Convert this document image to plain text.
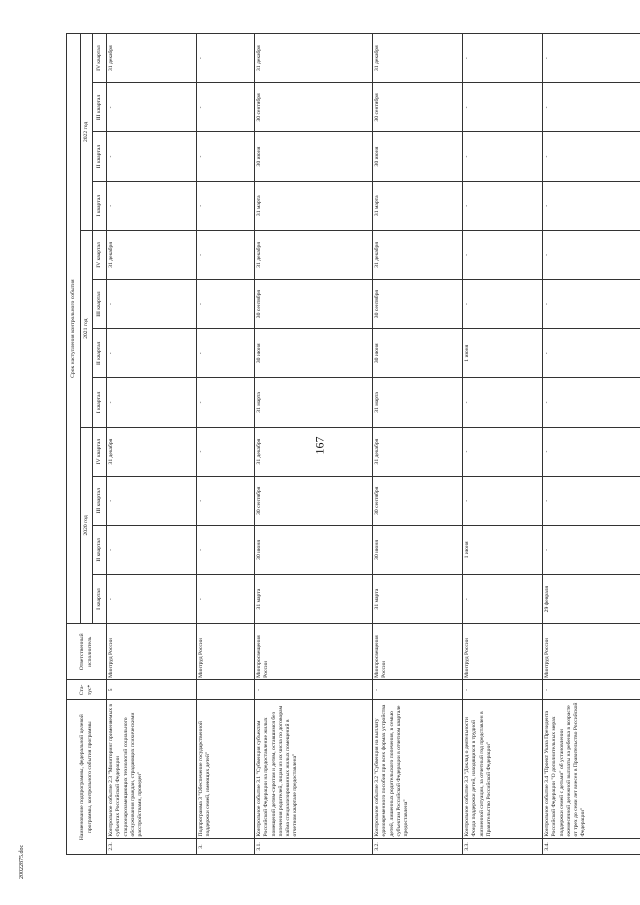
167
20022875.doc
Наименование подпрограммы, федеральной целевой программы, контрольного события программы		Ста-тус*	Ответственный исполнитель	Срок наступления контрольного события											
				2020 год				2021 год				2022 год			
				I квартал	II квартал	III квартал	IV квартал	I квартал	II квартал	III квартал	IV квартал	I квартал	II квартал	III квартал	IV квартал
2.3.	Контрольное событие 2.3 "Мониторинг применяемых в субъектах Российской Федерации стационарозамещающих технологий социального обслуживания граждан, страдающих психическими расстройствами, проведен"	5	Минтруд России	-	-	-	31 декабря	-	-	-	31 декабря	-	-	-	31 декабря
3.	Подпрограмма 3 "Обеспечение государственной поддержки семей, имеющих детей"		Минтруд России	-	-	-	-	-	-	-	-	-	-	-	-
3.1.	Контрольное событие 3.1 "Субвенция субъектам Российской Федерации на предоставление жилых помещений детям-сиротам и детям, оставшимся без попечения родителей, лицам из их числа по договорам найма специализированных жилых помещений в отчетном квартале предоставлена"	-	Минпросвещения России	31 марта	30 июня	30 сентября	31 декабря	31 марта	30 июня	30 сентября	31 декабря	31 марта	30 июня	30 сентября	31 декабря
3.2.	Контрольное событие 3.2 "Субвенция на выплату единовременного пособия при всех формах устройства детей, лишенных родительского попечения, в семью субъектам Российской Федерации в отчетном квартале предоставлена"	-	Минпросвещения России	31 марта	30 июня	30 сентября	31 декабря	31 марта	30 июня	30 сентября	31 декабря	31 марта	30 июня	30 сентября	31 декабря
3.3.	Контрольное событие 3.3 "Доклад о деятельности Фонда поддержки детей, находящихся в трудной жизненной ситуации, за отчетный год представлен в Правительство Российской Федерации"	-	Минтруд России	-	1 июня	-	-	-	1 июня	-	-	-	-	-	-
3.4.	Контрольное событие 3.4 "Проект Указа Президента Российской Федерации "О дополнительных мерах поддержки семей с детьми" об установлении ежемесячной денежной выплаты на ребенка в возрасте от трех до семи лет внесен в Правительство Российской Федерации"	-	Минтруд России	29 февраля	-	-	-	-	-	-	-	-	-	-	-
